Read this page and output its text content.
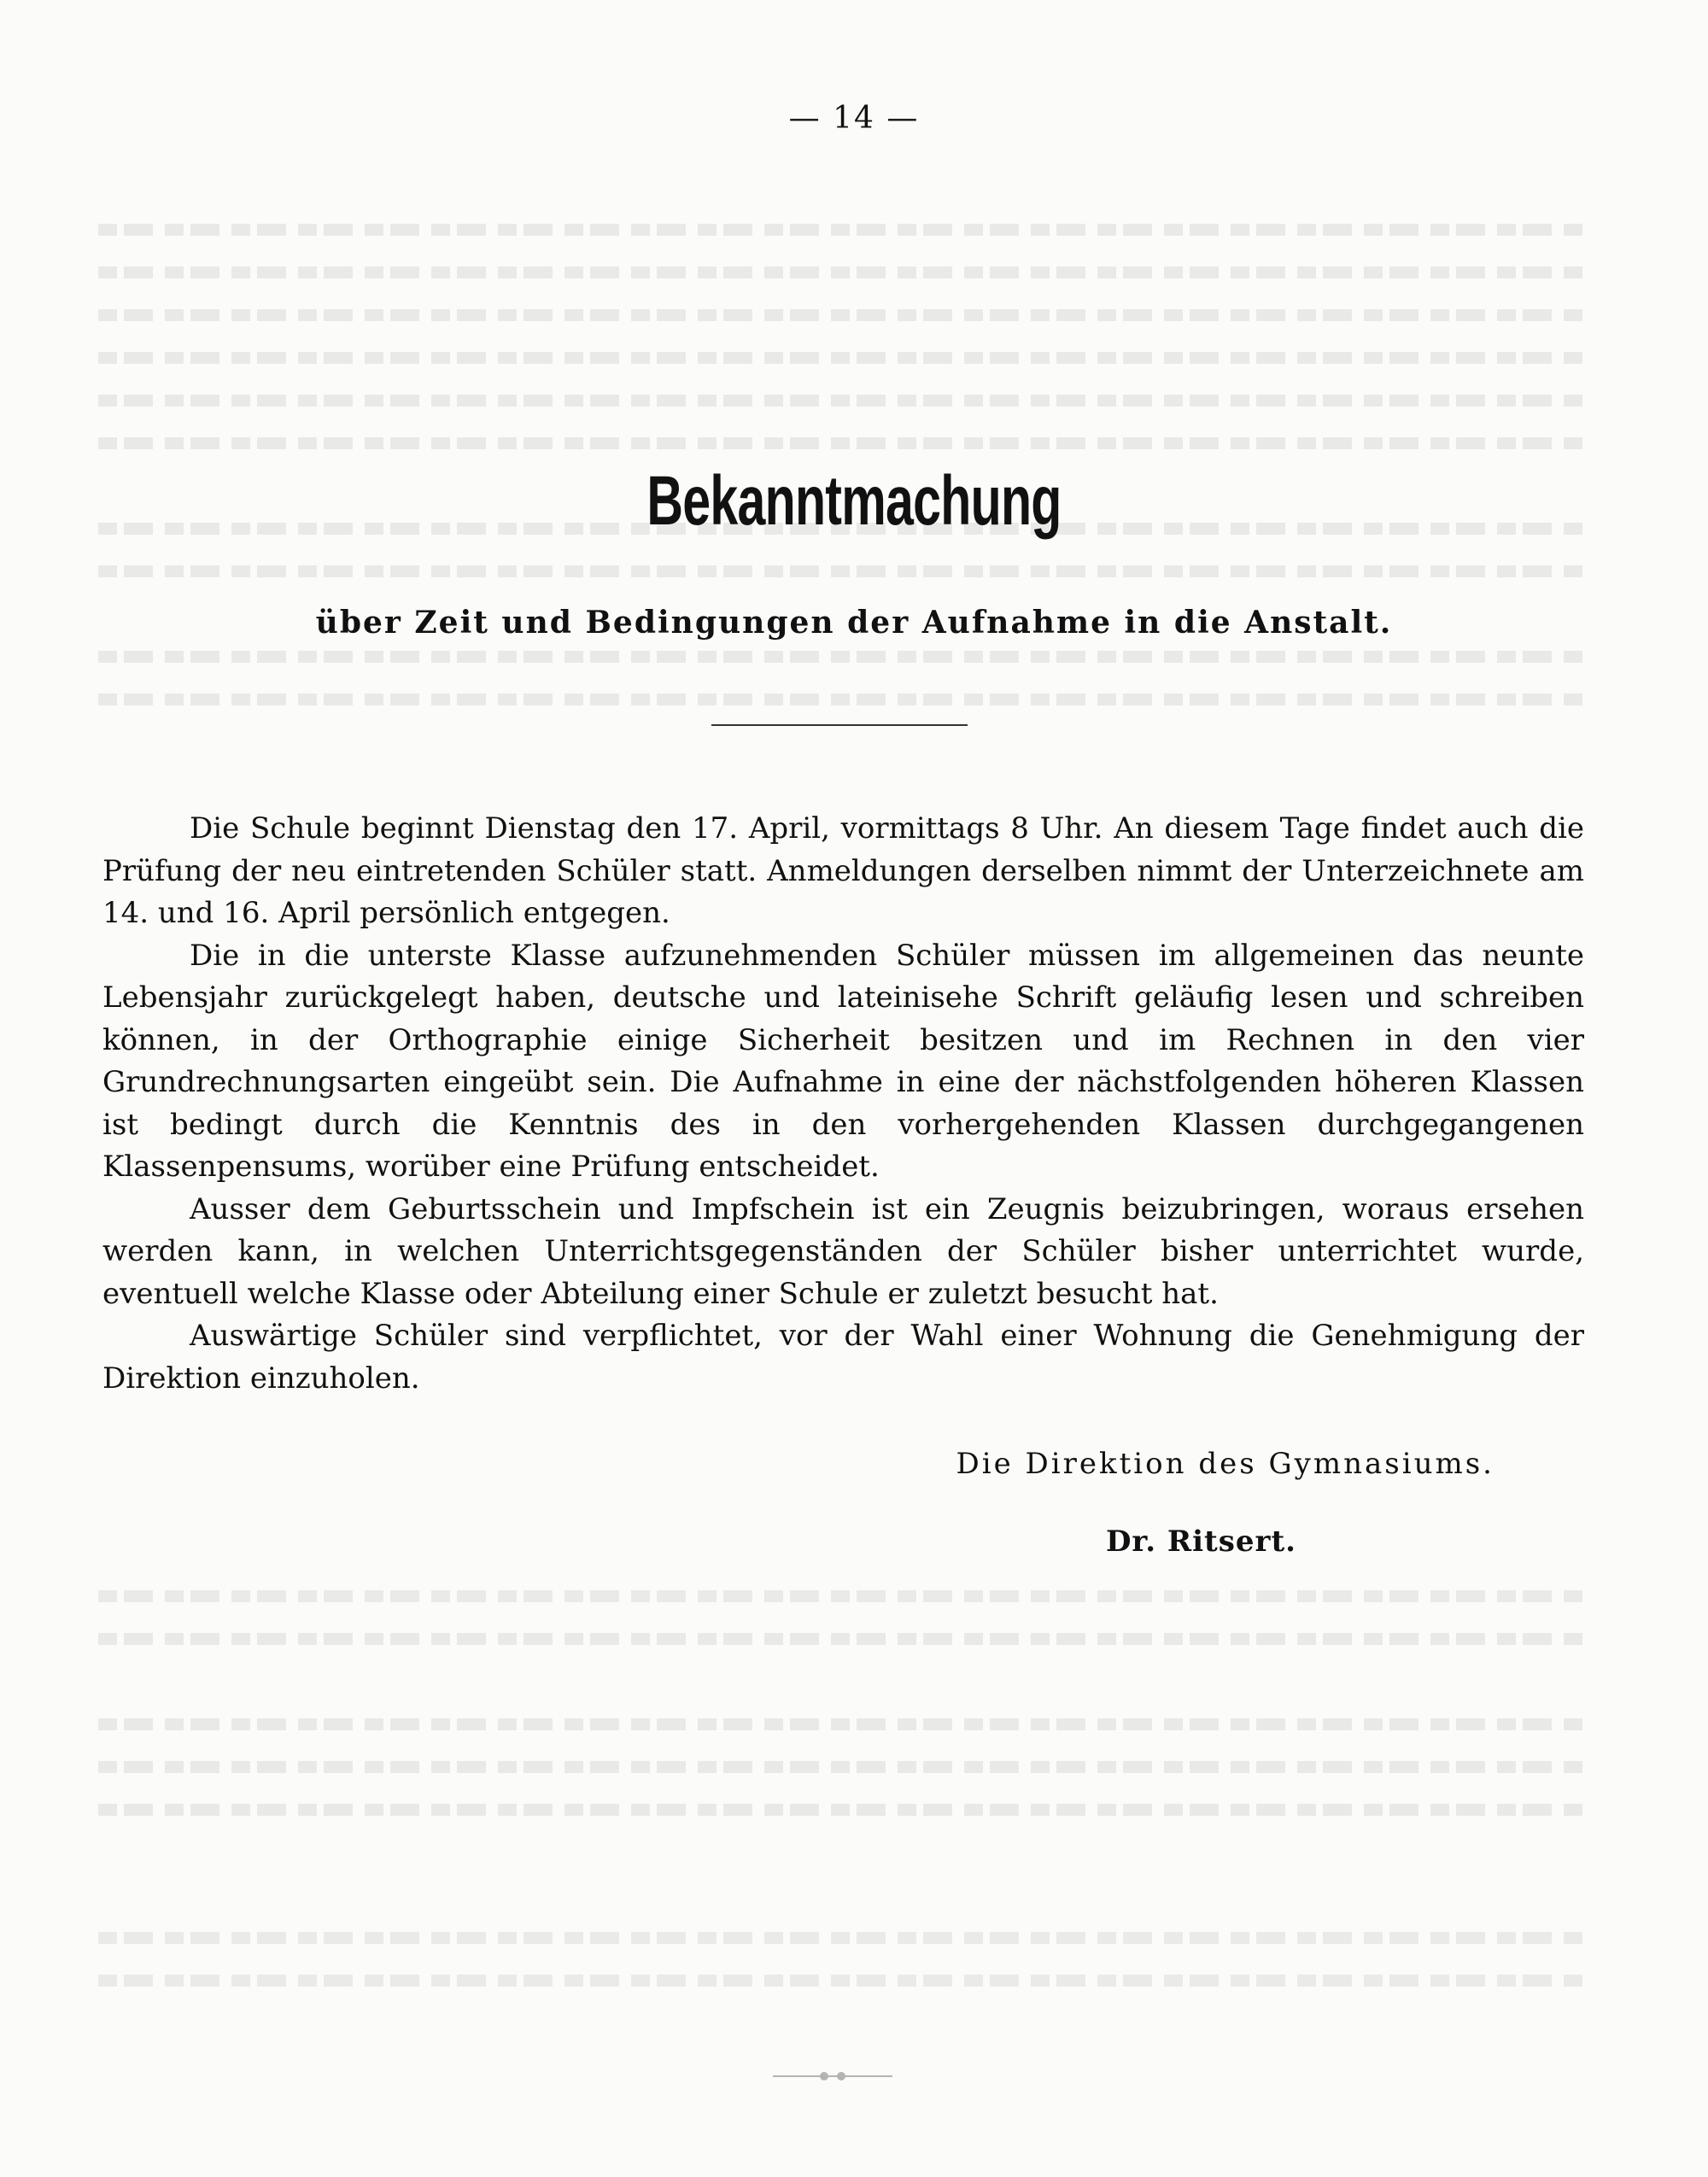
— 14 —
Bekanntmachung
über Zeit und Bedingungen der Aufnahme in die Anstalt.

Die Schule beginnt Dienstag den 17. April, vormittags 8 Uhr. An diesem Tage findet auch die Prüfung der neu eintretenden Schüler statt. Anmeldungen derselben nimmt der Unterzeichnete am 14. und 16. April persönlich entgegen.

Die in die unterste Klasse aufzunehmenden Schüler müssen im allgemeinen das neunte Lebensjahr zurückgelegt haben, deutsche und lateinisehe Schrift geläufig lesen und schreiben können, in der Orthographie einige Sicherheit besitzen und im Rechnen in den vier Grundrechnungsarten eingeübt sein. Die Aufnahme in eine der nächstfolgenden höheren Klassen ist bedingt durch die Kenntnis des in den vorhergehenden Klassen durchgegangenen Klassenpensums, worüber eine Prüfung entscheidet.

Ausser dem Geburtsschein und Impfschein ist ein Zeugnis beizubringen, woraus ersehen werden kann, in welchen Unterrichtsgegenständen der Schüler bisher unterrichtet wurde, eventuell welche Klasse oder Abteilung einer Schule er zuletzt besucht hat.

Auswärtige Schüler sind verpflichtet, vor der Wahl einer Wohnung die Genehmigung der Direktion einzuholen.

Die Direktion des Gymnasiums.
Dr. Ritsert.
